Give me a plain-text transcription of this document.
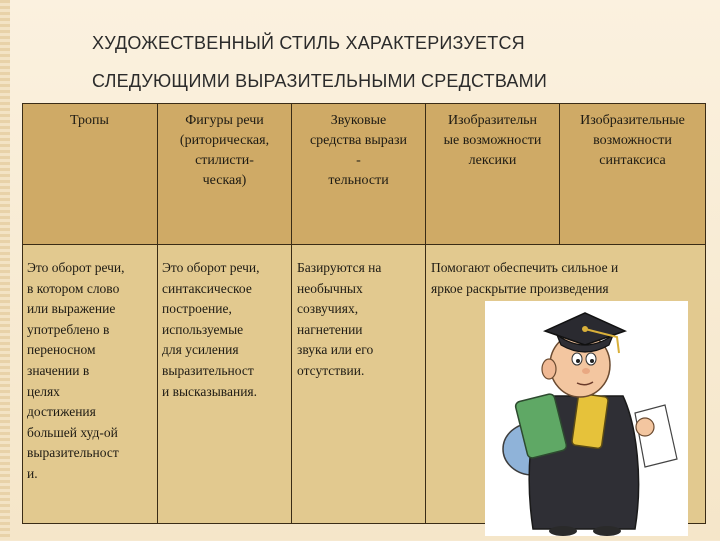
ХУДОЖЕСТВЕННЫЙ СТИЛЬ ХАРАКТЕРИЗУЕТСЯ
СЛЕДУЮЩИМИ ВЫРАЗИТЕЛЬНЫМИ СРЕДСТВАМИ
Тропы	Фигуры речи
(риторическая,
стилисти-
ческая)
Звуковые
средства вырази
-
тельности
Изобразительн
ые возможности
лексики
Изобразительные
возможности
синтаксиса
Это оборот речи,
в котором слово
или выражение
употреблено в
переносном
значении в
целях
достижения
большей худ-ой
выразительност
и.
Это оборот речи,
синтаксическое
построение,
используемые
для усиления
выразительност
и высказывания.
Базируются на
необычных
созвучиях,
нагнетении
звука или его
отсутствии.
Помогают обеспечить сильное и
яркое раскрытие произведения
